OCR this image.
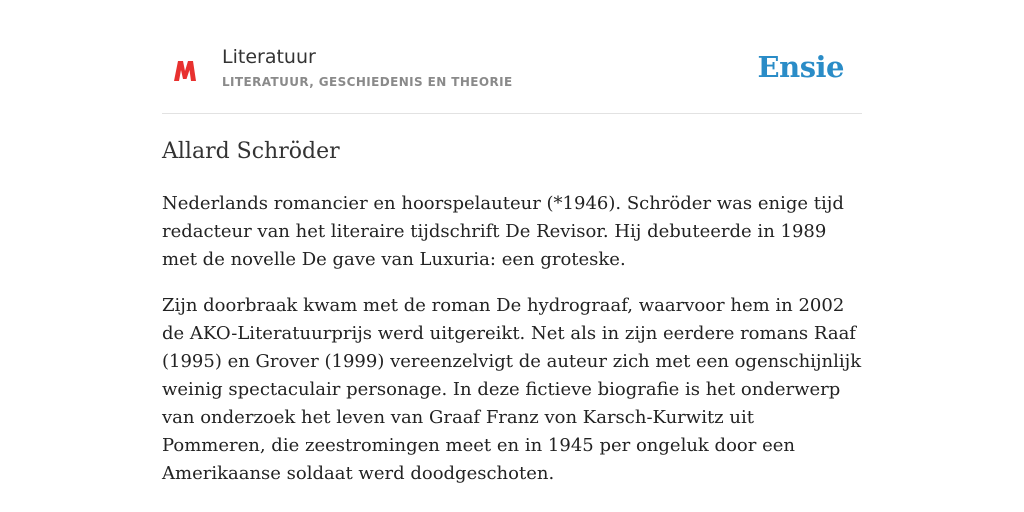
Literatuur
LITERATUUR, GESCHIEDENIS EN THEORIE	Ensie
Allard Schröder

Nederlands romancier en hoorspelauteur (*1946). Schröder was enige tijd redacteur van het literaire tijdschrift De Revisor. Hij debuteerde in 1989 met de novelle De gave van Luxuria: een groteske.

Zijn doorbraak kwam met de roman De hydrograaf, waarvoor hem in 2002 de AKO-Literatuurprijs werd uitgereikt. Net als in zijn eerdere romans Raaf (1995) en Grover (1999) vereenzelvigt de auteur zich met een ogenschijnlijk weinig spectaculair personage. In deze fictieve biografie is het onderwerp van onderzoek het leven van Graaf Franz von Karsch-Kurwitz uit Pommeren, die zeestromingen meet en in 1945 per ongeluk door een Amerikaanse soldaat werd doodgeschoten.
